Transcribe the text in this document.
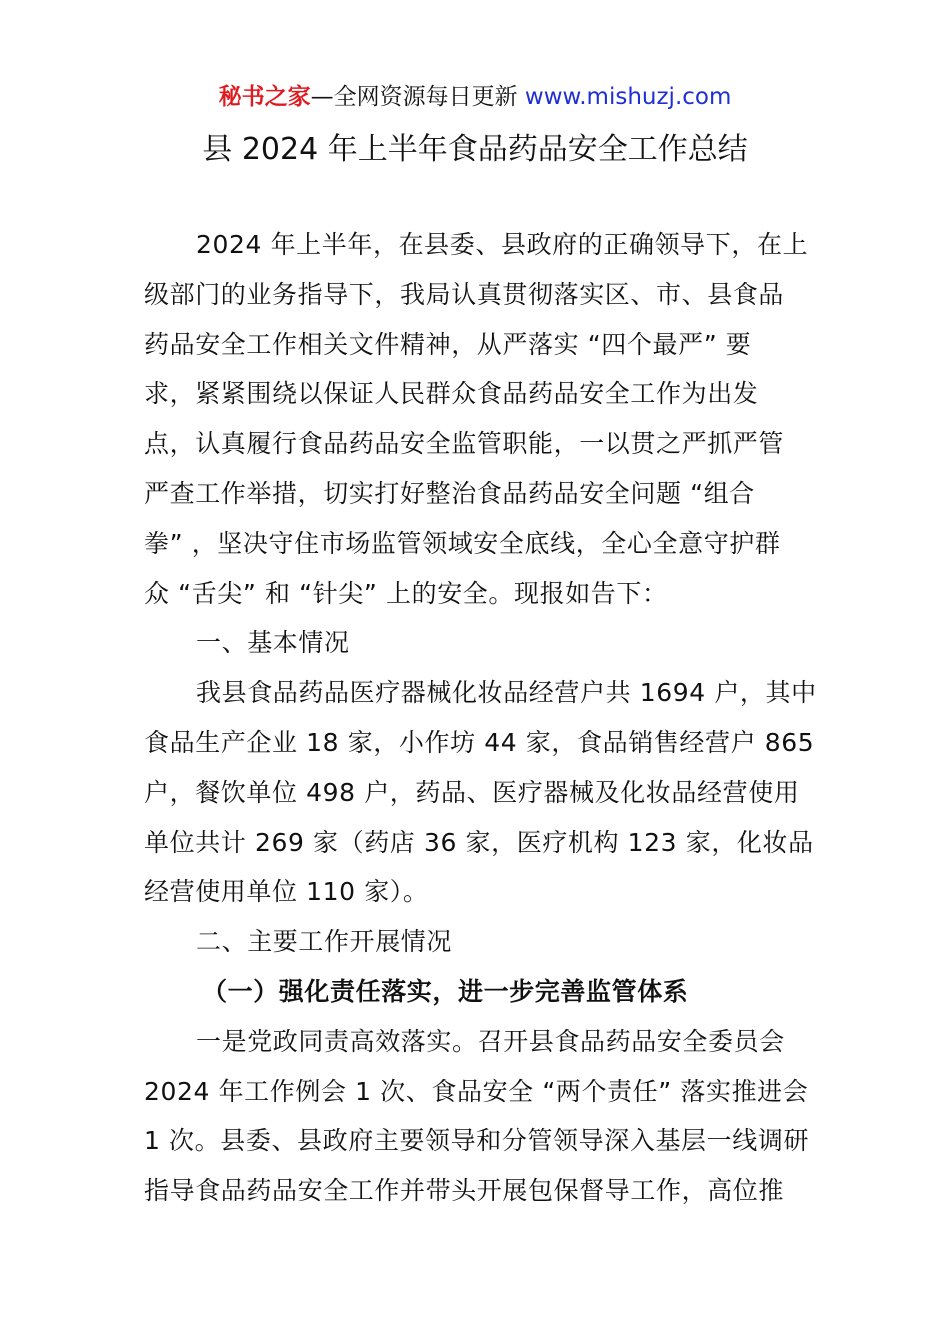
秘书之家—全网资源每日更新 www.mishuzj.com
县 2024 年上半年食品药品安全工作总结

2024 年上半年，在县委、县政府的正确领导下，在上
级部门的业务指导下，我局认真贯彻落实区、市、县食品
药品安全工作相关文件精神，从严落实 “四个最严” 要
求，紧紧围绕以保证人民群众食品药品安全工作为出发
点，认真履行食品药品安全监管职能，一以贯之严抓严管
严查工作举措，切实打好整治食品药品安全问题 “组合
拳” ，坚决守住市场监管领域安全底线，全心全意守护群
众 “舌尖” 和 “针尖” 上的安全。现报如告下：

一、基本情况

我县食品药品医疗器械化妆品经营户共 1694 户，其中
食品生产企业 18 家，小作坊 44 家，食品销售经营户 865
户，餐饮单位 498 户，药品、医疗器械及化妆品经营使用
单位共计 269 家（药店 36 家，医疗机构 123 家，化妆品
经营使用单位 110 家）。

二、主要工作开展情况

（一）强化责任落实，进一步完善监管体系

一是党政同责高效落实。召开县食品药品安全委员会
2024 年工作例会 1 次、食品安全 “两个责任” 落实推进会
1 次。县委、县政府主要领导和分管领导深入基层一线调研
指导食品药品安全工作并带头开展包保督导工作，高位推
